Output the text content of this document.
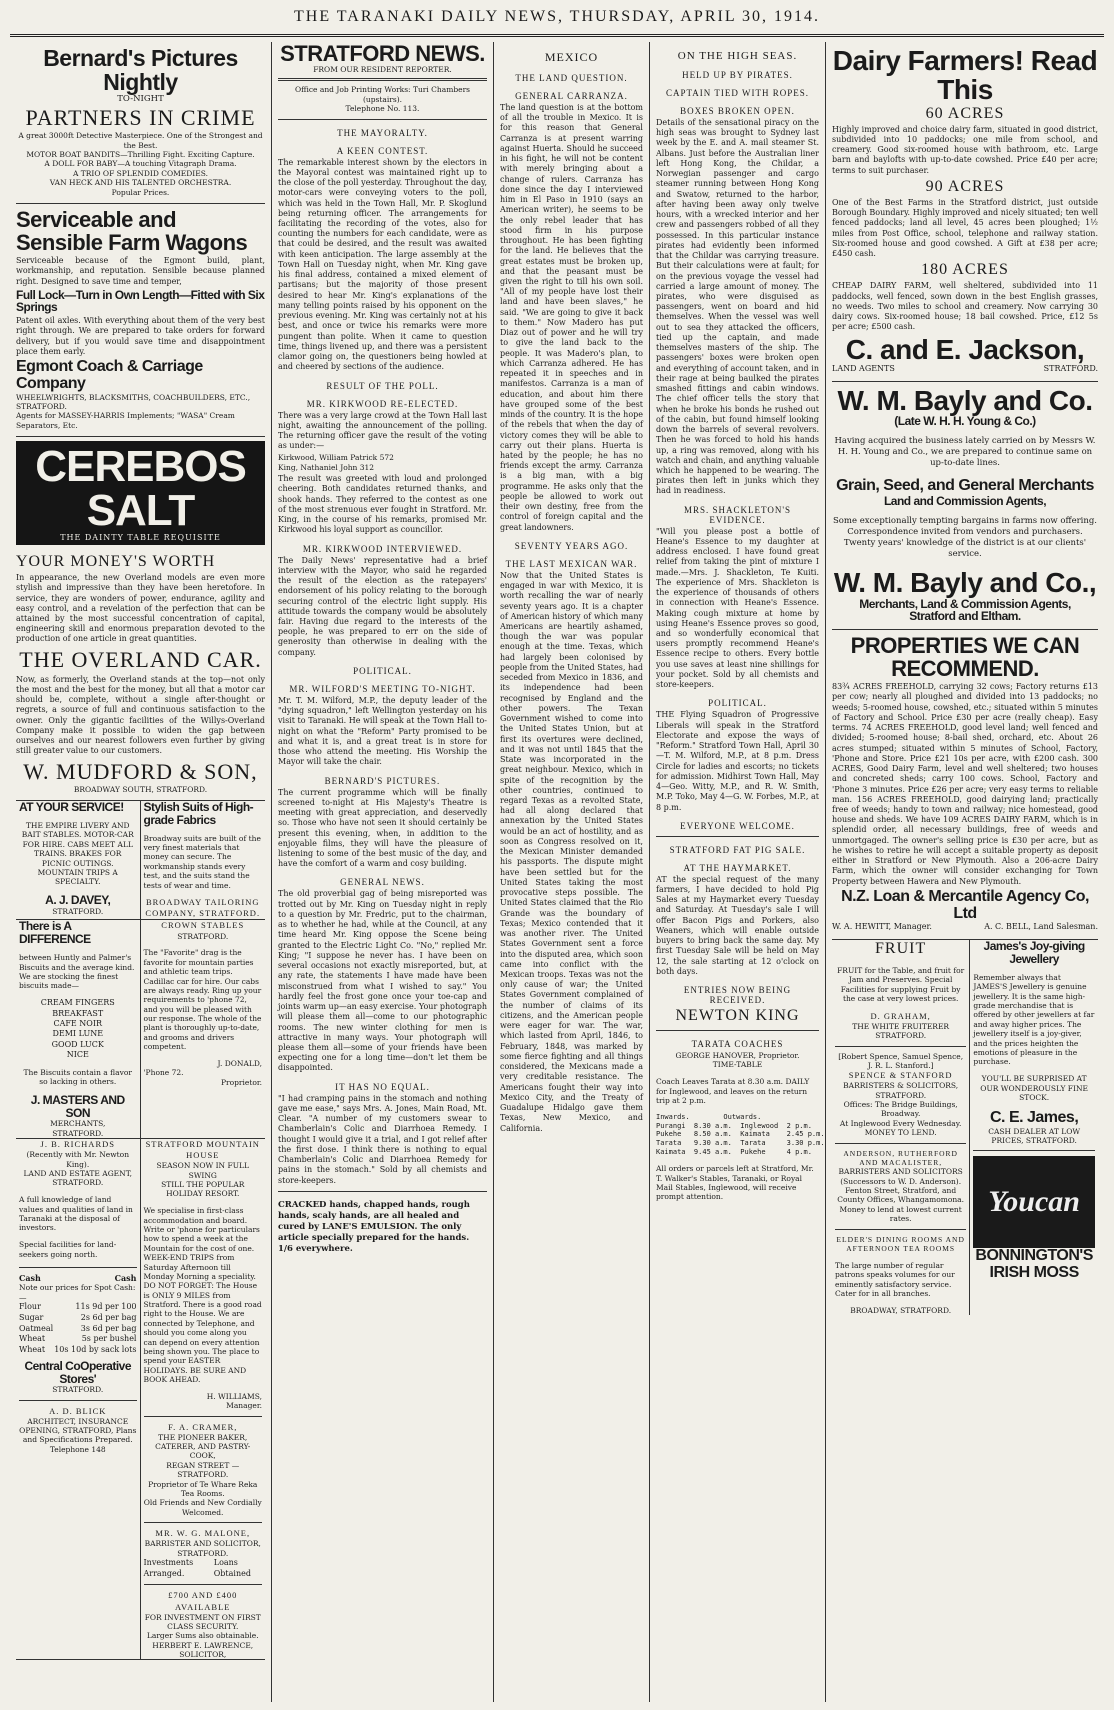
THE TARANAKI DAILY NEWS, THURSDAY, APRIL 30, 1914.
Bernard's Pictures Nightly
TO-NIGHT
PARTNERS IN CRIME
A great 3000ft Detective Masterpiece. One of the Strongest and the Best.
MOTOR BOAT BANDITS—Thrilling Fight. Exciting Capture.
A DOLL FOR BABY—A touching Vitagraph Drama.
A TRIO OF SPLENDID COMEDIES.
VAN HECK AND HIS TALENTED ORCHESTRA.
Popular Prices.
Serviceable and Sensible Farm Wagons

Serviceable because of the Egmont build, plant, workmanship, and reputation. Sensible because planned right. Designed to save time and temper,

Full Lock—Turn in Own Length—Fitted with Six Springs

Patent oil axles. With everything about them of the very best right through. We are prepared to take orders for forward delivery, but if you would save time and disappointment place them early.

Egmont Coach & Carriage Company
WHEELWRIGHTS, BLACKSMITHS, COACHBUILDERS, ETC., STRATFORD.
Agents for MASSEY-HARRIS Implements; "WASA" Cream Separators, Etc.
CEREBOS SALT
THE DAINTY TABLE REQUISITE
YOUR MONEY'S WORTH

In appearance, the new Overland models are even more stylish and impressive than they have been heretofore. In service, they are wonders of power, endurance, agility and easy control, and a revelation of the perfection that can be attained by the most successful concentration of capital, engineering skill and enormous preparation devoted to the production of one article in great quantities.

THE OVERLAND CAR.

Now, as formerly, the Overland stands at the top—not only the most and the best for the money, but all that a motor car should be, complete, without a single after-thought or regrets, a source of full and continuous satisfaction to the owner. Only the gigantic facilities of the Willys-Overland Company make it possible to widen the gap between ourselves and our nearest followers even further by giving still greater value to our customers.

W. MUDFORD & SON,
BROADWAY SOUTH, STRATFORD.
AT YOUR SERVICE!

THE EMPIRE LIVERY AND BAIT STABLES. MOTOR-CAR FOR HIRE. CABS MEET ALL TRAINS. BRAKES FOR PICNIC OUTINGS. MOUNTAIN TRIPS A SPECIALTY.

A. J. DAVEY,
STRATFORD.
Stylish Suits of High-grade Fabrics

Broadway suits are built of the very finest materials that money can secure. The workmanship stands every test, and the suits stand the tests of wear and time.

BROADWAY TAILORING COMPANY, STRATFORD.
There is A DIFFERENCE

between Huntly and Palmer's Biscuits and the average kind. We are stocking the finest biscuits made—

CREAM FINGERS
BREAKFAST
CAFE NOIR
DEMI LUNE
GOOD LUCK
NICE

The Biscuits contain a flavor so lacking in others.

J. MASTERS AND SON
MERCHANTS,
STRATFORD.
CROWN STABLES
STRATFORD.

The "Favorite" drag is the favorite for mountain parties and athletic team trips. Cadillac car for hire. Our cabs are always ready. Ring up your requirements to 'phone 72, and you will be pleased with our response. The whole of the plant is thoroughly up-to-date, and grooms and drivers competent.

J. DONALD,
'Phone 72.
Proprietor.
J. B. RICHARDS
(Recently with Mr. Newton King).
LAND AND ESTATE AGENT,
STRATFORD.

A full knowledge of land values and qualities of land in Taranaki at the disposal of investors.

Special facilities for land-seekers going north.

Cash	Cash
Note our prices for Spot Cash:—
Flour	11s 9d per 100
Sugar	2s 6d per bag
Oatmeal	3s 6d per bag
Wheat	5s per bushel
Wheat 10s 10d by sack lots
Central CoOperative Stores'
STRATFORD.
A. D. BLICK
ARCHITECT, INSURANCE OPENING, STRATFORD, Plans and Specifications Prepared.
Telephone 148
STRATFORD MOUNTAIN HOUSE
SEASON NOW IN FULL SWING
STILL THE POPULAR HOLIDAY RESORT.

We specialise in first-class accommodation and board. Write or 'phone for particulars how to spend a week at the Mountain for the cost of one. WEEK-END TRIPS from Saturday Afternoon till Monday Morning a speciality. DO NOT FORGET: The House is ONLY 9 MILES from Stratford. There is a good road right to the House. We are connected by Telephone, and should you come along you can depend on every attention being shown you. The place to spend your EASTER HOLIDAYS. BE SURE AND BOOK AHEAD.

H. WILLIAMS,
Manager.
F. A. CRAMER,
THE PIONEER BAKER, CATERER, AND PASTRY-COOK,
REGAN STREET — STRATFORD.
Proprietor of Te Whare Reka Tea Rooms.
Old Friends and New Cordially Welcomed.
MR. W. G. MALONE,
BARRISTER AND SOLICITOR,
STRATFORD.
Investments Arranged.
Loans Obtained
£700 AND £400 AVAILABLE
FOR INVESTMENT ON FIRST CLASS SECURITY.
Larger Sums also obtainable.
HERBERT E. LAWRENCE, SOLICITOR,
STRATFORD NEWS.
FROM OUR RESIDENT REPORTER.
Office and Job Printing Works: Turi Chambers (upstairs).
Telephone No. 113.
THE MAYORALTY.
A KEEN CONTEST.

The remarkable interest shown by the electors in the Mayoral contest was maintained right up to the close of the poll yesterday. Throughout the day, motor-cars were conveying voters to the poll, which was held in the Town Hall, Mr. P. Skoglund being returning officer. The arrangements for facilitating the recording of the votes, also for counting the numbers for each candidate, were as that could be desired, and the result was awaited with keen anticipation. The large assembly at the Town Hall on Tuesday night, when Mr. King gave his final address, contained a mixed element of partisans; but the majority of those present desired to hear Mr. King's explanations of the many telling points raised by his opponent on the previous evening. Mr. King was certainly not at his best, and once or twice his remarks were more pungent than polite. When it came to question time, things livened up, and there was a persistent clamor going on, the questioners being howled at and cheered by sections of the audience.

RESULT OF THE POLL.
MR. KIRKWOOD RE-ELECTED.

There was a very large crowd at the Town Hall last night, awaiting the announcement of the polling. The returning officer gave the result of the voting as under:—

Kirkwood, William Patrick 572
King, Nathaniel John 312

The result was greeted with loud and prolonged cheering. Both candidates returned thanks, and shook hands. They referred to the contest as one of the most strenuous ever fought in Stratford. Mr. King, in the course of his remarks, promised Mr. Kirkwood his loyal support as councillor.

MR. KIRKWOOD INTERVIEWED.

The Daily News' representative had a brief interview with the Mayor, who said he regarded the result of the election as the ratepayers' endorsement of his policy relating to the borough securing control of the electric light supply. His attitude towards the company would be absolutely fair. Having due regard to the interests of the people, he was prepared to err on the side of generosity than otherwise in dealing with the company.

POLITICAL.
MR. WILFORD'S MEETING TO-NIGHT.

Mr. T. M. Wilford, M.P., the deputy leader of the "dying squadron," left Wellington yesterday on his visit to Taranaki. He will speak at the Town Hall to-night on what the "Reform" Party promised to be and what it is, and a great treat is in store for those who attend the meeting. His Worship the Mayor will take the chair.

BERNARD'S PICTURES.

The current programme which will be finally screened to-night at His Majesty's Theatre is meeting with great appreciation, and deservedly so. Those who have not seen it should certainly be present this evening, when, in addition to the enjoyable films, they will have the pleasure of listening to some of the best music of the day, and have the comfort of a warm and cosy building.

GENERAL NEWS.

The old proverbial gag of being misreported was trotted out by Mr. King on Tuesday night in reply to a question by Mr. Fredric, put to the chairman, as to whether he had, while at the Council, at any time heard Mr. King oppose the Scene being granted to the Electric Light Co. "No," replied Mr. King; "I suppose he never has. I have been on several occasions not exactly misreported, but, at any rate, the statements I have made have been misconstrued from what I wished to say." You hardly feel the frost gone once your toe-cap and joints warm up—an easy exercise. Your photograph will please them all—come to our photographic rooms. The new winter clothing for men is attractive in many ways. Your photograph will please them all—some of your friends have been expecting one for a long time—don't let them be disappointed.

IT HAS NO EQUAL.

"I had cramping pains in the stomach and nothing gave me ease," says Mrs. A. Jones, Main Road, Mt. Clear. "A number of my customers swear to Chamberlain's Colic and Diarrhoea Remedy. I thought I would give it a trial, and I got relief after the first dose. I think there is nothing to equal Chamberlain's Colic and Diarrhoea Remedy for pains in the stomach." Sold by all chemists and store-keepers.

CRACKED hands, chapped hands, rough hands, scaly hands, are all healed and cured by LANE'S EMULSION. The only article specially prepared for the hands. 1/6 everywhere.

MEXICO
THE LAND QUESTION.
GENERAL CARRANZA.

The land question is at the bottom of all the trouble in Mexico. It is for this reason that General Carranza is at present warring against Huerta. Should he succeed in his fight, he will not be content with merely bringing about a change of rulers. Carranza has done since the day I interviewed him in El Paso in 1910 (says an American writer), he seems to be the only rebel leader that has stood firm in his purpose throughout. He has been fighting for the land. He believes that the great estates must be broken up, and that the peasant must be given the right to till his own soil. "All of my people have lost their land and have been slaves," he said. "We are going to give it back to them." Now Madero has put Diaz out of power and he will try to give the land back to the people. It was Madero's plan, to which Carranza adhered. He has repeated it in speeches and in manifestos. Carranza is a man of education, and about him there have grouped some of the best minds of the country. It is the hope of the rebels that when the day of victory comes they will be able to carry out their plans. Huerta is hated by the people; he has no friends except the army. Carranza is a big man, with a big programme. He asks only that the people be allowed to work out their own destiny, free from the control of foreign capital and the great landowners.

SEVENTY YEARS AGO.
THE LAST MEXICAN WAR.

Now that the United States is engaged in war with Mexico, it is worth recalling the war of nearly seventy years ago. It is a chapter of American history of which many Americans are heartily ashamed, though the war was popular enough at the time. Texas, which had largely been colonised by people from the United States, had seceded from Mexico in 1836, and its independence had been recognised by England and the other powers. The Texan Government wished to come into the United States Union, but at first its overtures were declined, and it was not until 1845 that the State was incorporated in the great neighbour. Mexico, which in spite of the recognition by the other countries, continued to regard Texas as a revolted State, had all along declared that annexation by the United States would be an act of hostility, and as soon as Congress resolved on it, the Mexican Minister demanded his passports. The dispute might have been settled but for the United States taking the most provocative steps possible. The United States claimed that the Rio Grande was the boundary of Texas; Mexico contended that it was another river. The United States Government sent a force into the disputed area, which soon came into conflict with the Mexican troops. Texas was not the only cause of war; the United States Government complained of the number of claims of its citizens, and the American people were eager for war. The war, which lasted from April, 1846, to February, 1848, was marked by some fierce fighting and all things considered, the Mexicans made a very creditable resistance. The Americans fought their way into Mexico City, and the Treaty of Guadalupe Hidalgo gave them Texas, New Mexico, and California.

ON THE HIGH SEAS.
HELD UP BY PIRATES.
CAPTAIN TIED WITH ROPES.
BOXES BROKEN OPEN.

Details of the sensational piracy on the high seas was brought to Sydney last week by the E. and A. mail steamer St. Albans. Just before the Australian liner left Hong Kong, the Childar, a Norwegian passenger and cargo steamer running between Hong Kong and Swatow, returned to the harbor, after having been away only twelve hours, with a wrecked interior and her crew and passengers robbed of all they possessed. In this particular instance pirates had evidently been informed that the Childar was carrying treasure. But their calculations were at fault; for on the previous voyage the vessel had carried a large amount of money. The pirates, who were disguised as passengers, went on board and hid themselves. When the vessel was well out to sea they attacked the officers, tied up the captain, and made themselves masters of the ship. The passengers' boxes were broken open and everything of account taken, and in their rage at being baulked the pirates smashed fittings and cabin windows. The chief officer tells the story that when he broke his bonds he rushed out of the cabin, but found himself looking down the barrels of several revolvers. Then he was forced to hold his hands up, a ring was removed, along with his watch and chain, and anything valuable which he happened to be wearing. The pirates then left in junks which they had in readiness.

MRS. SHACKLETON'S EVIDENCE.

"Will you please post a bottle of Heane's Essence to my daughter at address enclosed. I have found great relief from taking the pint of mixture I made.—Mrs. J. Shackleton, Te Kuiti. The experience of Mrs. Shackleton is the experience of thousands of others in connection with Heane's Essence. Making cough mixture at home by using Heane's Essence proves so good, and so wonderfully economical that users promptly recommend Heane's Essence recipe to others. Every bottle you use saves at least nine shillings for your pocket. Sold by all chemists and store-keepers.

POLITICAL.

THE Flying Squadron of Progressive Liberals will speak in the Stratford Electorate and expose the ways of "Reform." Stratford Town Hall, April 30—T. M. Wilford, M.P., at 8 p.m. Dress Circle for ladies and escorts; no tickets for admission. Midhirst Town Hall, May 4—Geo. Witty, M.P., and R. W. Smith, M.P. Toko, May 4—G. W. Forbes, M.P., at 8 p.m.

EVERYONE WELCOME.
STRATFORD FAT PIG SALE.
AT THE HAYMARKET.

AT the special request of the many farmers, I have decided to hold Pig Sales at my Haymarket every Tuesday and Saturday. At Tuesday's sale I will offer Bacon Pigs and Porkers, also Weaners, which will enable outside buyers to bring back the same day. My first Tuesday Sale will be held on May 12, the sale starting at 12 o'clock on both days.

ENTRIES NOW BEING RECEIVED.
NEWTON KING
TARATA COACHES
GEORGE HANOVER, Proprietor.
TIME-TABLE

Coach Leaves Tarata at 8.30 a.m. DAILY for Inglewood, and leaves on the return trip at 2 p.m.

Inwards.        Outwards.
Purangi  8.30 a.m.  Inglewood  2 p.m.
Pukehe   8.50 a.m.  Kaimata    2.45 p.m.
Tarata   9.30 a.m.  Tarata     3.30 p.m.
Kaimata  9.45 a.m.  Pukehe     4 p.m.

All orders or parcels left at Stratford, Mr. T. Walker's Stables, Taranaki, or Royal Mail Stables, Inglewood, will receive prompt attention.

Dairy Farmers! Read This
60 ACRES

Highly improved and choice dairy farm, situated in good district, subdivided into 10 paddocks; one mile from school, and creamery. Good six-roomed house with bathroom, etc. Large barn and baylofts with up-to-date cowshed. Price £40 per acre; terms to suit purchaser.

90 ACRES

One of the Best Farms in the Stratford district, just outside Borough Boundary. Highly improved and nicely situated; ten well fenced paddocks; land all level, 45 acres been ploughed; 1½ miles from Post Office, school, telephone and railway station. Six-roomed house and good cowshed. A Gift at £38 per acre; £450 cash.

180 ACRES

CHEAP DAIRY FARM, well sheltered, subdivided into 11 paddocks, well fenced, sown down in the best English grasses, no weeds. Two miles to school and creamery. Now carrying 30 dairy cows. Six-roomed house; 18 bail cowshed. Price, £12 5s per acre; £500 cash.

C. and E. Jackson,
LAND AGENTS	STRATFORD.
W. M. Bayly and Co.
(Late W. H. H. Young & Co.)

Having acquired the business lately carried on by Messrs W. H. H. Young and Co., we are prepared to continue same on up-to-date lines.

Grain, Seed, and General Merchants
Land and Commission Agents,

Some exceptionally tempting bargains in farms now offering. Correspondence invited from vendors and purchasers. Twenty years' knowledge of the district is at our clients' service.

W. M. Bayly and Co.,
Merchants, Land & Commission Agents,
Stratford and Eltham.
PROPERTIES WE CAN RECOMMEND.

83¾ ACRES FREEHOLD, carrying 32 cows; Factory returns £13 per cow; nearly all ploughed and divided into 13 paddocks; no weeds; 5-roomed house, cowshed, etc.; situated within 5 minutes of Factory and School. Price £30 per acre (really cheap). Easy terms. 74 ACRES FREEHOLD, good level land; well fenced and divided; 5-roomed house; 8-bail shed, orchard, etc. About 26 acres stumped; situated within 5 minutes of School, Factory, 'Phone and Store. Price £21 10s per acre, with £200 cash. 300 ACRES, Good Dairy Farm, level and well sheltered; two houses and concreted sheds; carry 100 cows. School, Factory and 'Phone 3 minutes. Price £26 per acre; very easy terms to reliable man. 156 ACRES FREEHOLD, good dairying land; practically free of weeds; handy to town and railway; nice homestead, good house and sheds. We have 109 ACRES DAIRY FARM, which is in splendid order, all necessary buildings, free of weeds and unmortgaged. The owner's selling price is £30 per acre, but as he wishes to retire he will accept a suitable property as deposit either in Stratford or New Plymouth. Also a 206-acre Dairy Farm, which the owner will consider exchanging for Town Property between Hawera and New Plymouth.

N.Z. Loan & Mercantile Agency Co, Ltd
W. A. HEWITT, Manager.	A. C. BELL, Land Salesman.
FRUIT

FRUIT for the Table, and fruit for Jam and Preserves. Special Facilities for supplying Fruit by the case at very lowest prices.

D. GRAHAM,
THE WHITE FRUITERER
STRATFORD.
[Robert Spence, Samuel Spence, J. R. L. Stanford.]
SPENCE & STANFORD
BARRISTERS & SOLICITORS, STRATFORD.
Offices: The Bridge Buildings, Broadway.
At Inglewood Every Wednesday.
MONEY TO LEND.
ANDERSON, RUTHERFORD AND MACALISTER,
BARRISTERS AND SOLICITORS
(Successors to W. D. Anderson).
Fenton Street, Stratford, and County Offices, Whangamomona.
Money to lend at lowest current rates.
ELDER'S DINING ROOMS AND AFTERNOON TEA ROOMS

The large number of regular patrons speaks volumes for our eminently satisfactory service. Cater for in all branches.

BROADWAY, STRATFORD.
James's Joy-giving Jewellery

Remember always that JAMES'S Jewellery is genuine jewellery. It is the same high-grade merchandise that is offered by other jewellers at far and away higher prices. The jewellery itself is a joy-giver, and the prices heighten the emotions of pleasure in the purchase.

YOU'LL BE SURPRISED AT OUR WONDEROUSLY FINE STOCK.

C. E. James,
CASH DEALER AT LOW PRICES, STRATFORD.
Youcan
BONNINGTON'S IRISH MOSS
